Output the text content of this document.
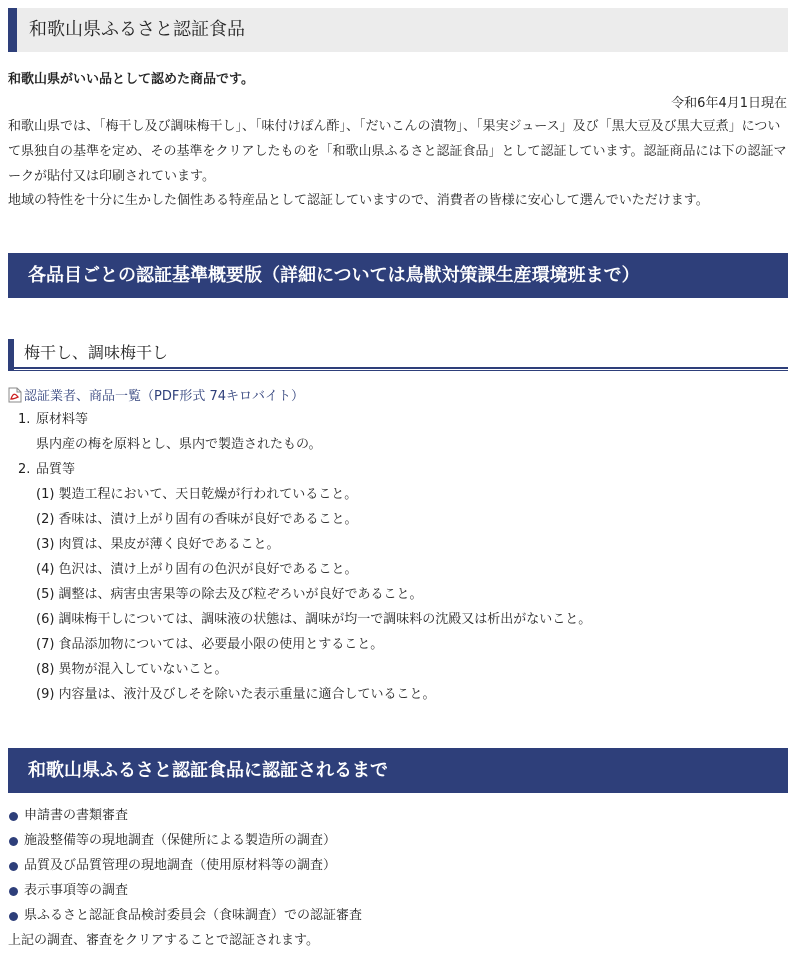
和歌山県ふるさと認証食品
和歌山県がいい品として認めた商品です。
令和6年4月1日現在
和歌山県では、「梅干し及び調味梅干し」、「味付けぽん酢」、「だいこんの漬物」、「果実ジュース」及び「黒大豆及び黒大豆煮」について県独自の基準を定め、その基準をクリアしたものを「和歌山県ふるさと認証食品」として認証しています。認証商品には下の認証マークが貼付又は印刷されています。
地域の特性を十分に生かした個性ある特産品として認証していますので、消費者の皆様に安心して選んでいただけます。
各品目ごとの認証基準概要版（詳細については鳥獣対策課生産環境班まで）
梅干し、調味梅干し
認証業者、商品一覧（PDF形式 74キロバイト）
1. 原材料等
県内産の梅を原料とし、県内で製造されたもの。
2. 品質等
(1) 製造工程において、天日乾燥が行われていること。
(2) 香味は、漬け上がり固有の香味が良好であること。
(3) 肉質は、果皮が薄く良好であること。
(4) 色沢は、漬け上がり固有の色沢が良好であること。
(5) 調整は、病害虫害果等の除去及び粒ぞろいが良好であること。
(6) 調味梅干しについては、調味液の状態は、調味が均一で調味料の沈殿又は析出がないこと。
(7) 食品添加物については、必要最小限の使用とすること。
(8) 異物が混入していないこと。
(9) 内容量は、液汁及びしそを除いた表示重量に適合していること。
和歌山県ふるさと認証食品に認証されるまで
申請書の書類審査
施設整備等の現地調査（保健所による製造所の調査）
品質及び品質管理の現地調査（使用原材料等の調査）
表示事項等の調査
県ふるさと認証食品検討委員会（食味調査）での認証審査
上記の調査、審査をクリアすることで認証されます。
